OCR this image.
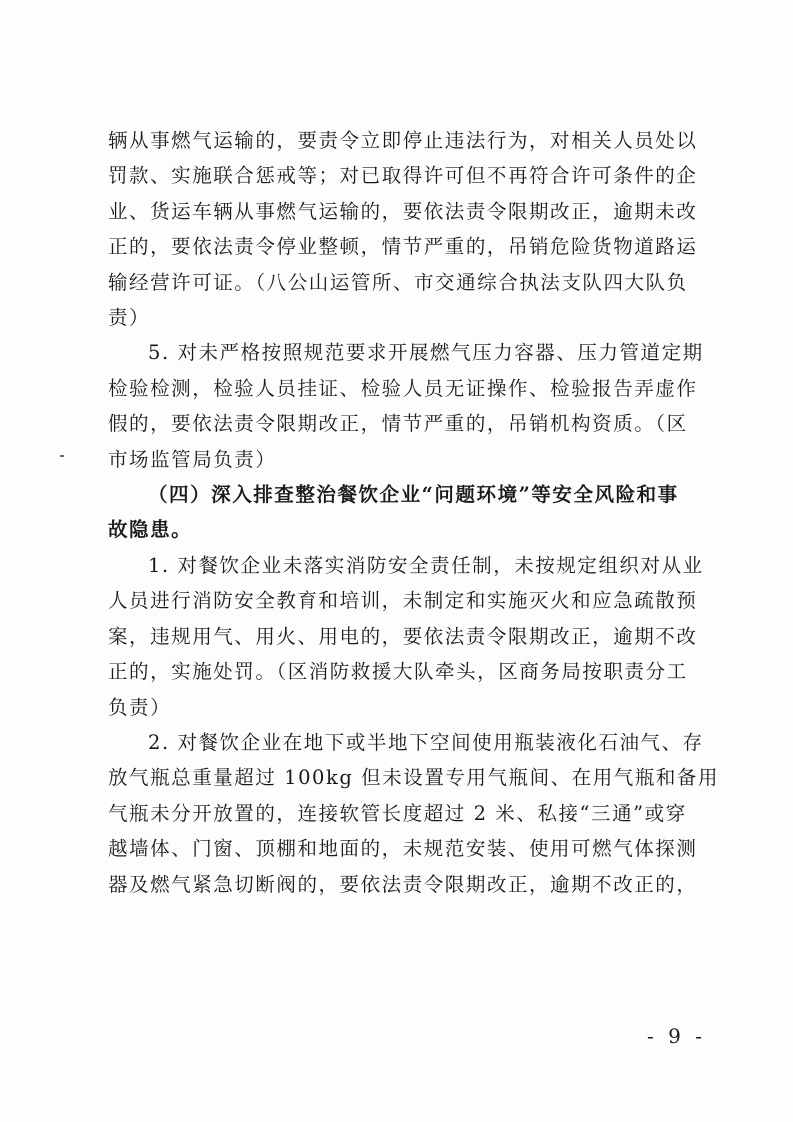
辆从事燃气运输的，要责令立即停止违法行为，对相关人员处以
罚款、实施联合惩戒等；对已取得许可但不再符合许可条件的企
业、货运车辆从事燃气运输的，要依法责令限期改正，逾期未改
正的，要依法责令停业整顿，情节严重的，吊销危险货物道路运
输经营许可证。（八公山运管所、市交通综合执法支队四大队负
责）
5. 对未严格按照规范要求开展燃气压力容器、压力管道定期
检验检测，检验人员挂证、检验人员无证操作、检验报告弄虚作
假的，要依法责令限期改正，情节严重的，吊销机构资质。（区
市场监管局负责）
（四）深入排查整治餐饮企业“问题环境”等安全风险和事
故隐患。
1. 对餐饮企业未落实消防安全责任制，未按规定组织对从业
人员进行消防安全教育和培训，未制定和实施灭火和应急疏散预
案，违规用气、用火、用电的，要依法责令限期改正，逾期不改
正的，实施处罚。（区消防救援大队牵头，区商务局按职责分工
负责）
2. 对餐饮企业在地下或半地下空间使用瓶装液化石油气、存
放气瓶总重量超过 100kg 但未设置专用气瓶间、在用气瓶和备用
气瓶未分开放置的，连接软管长度超过 2 米、私接“三通”或穿
越墙体、门窗、顶棚和地面的，未规范安装、使用可燃气体探测
器及燃气紧急切断阀的，要依法责令限期改正，逾期不改正的，
- 9 -
